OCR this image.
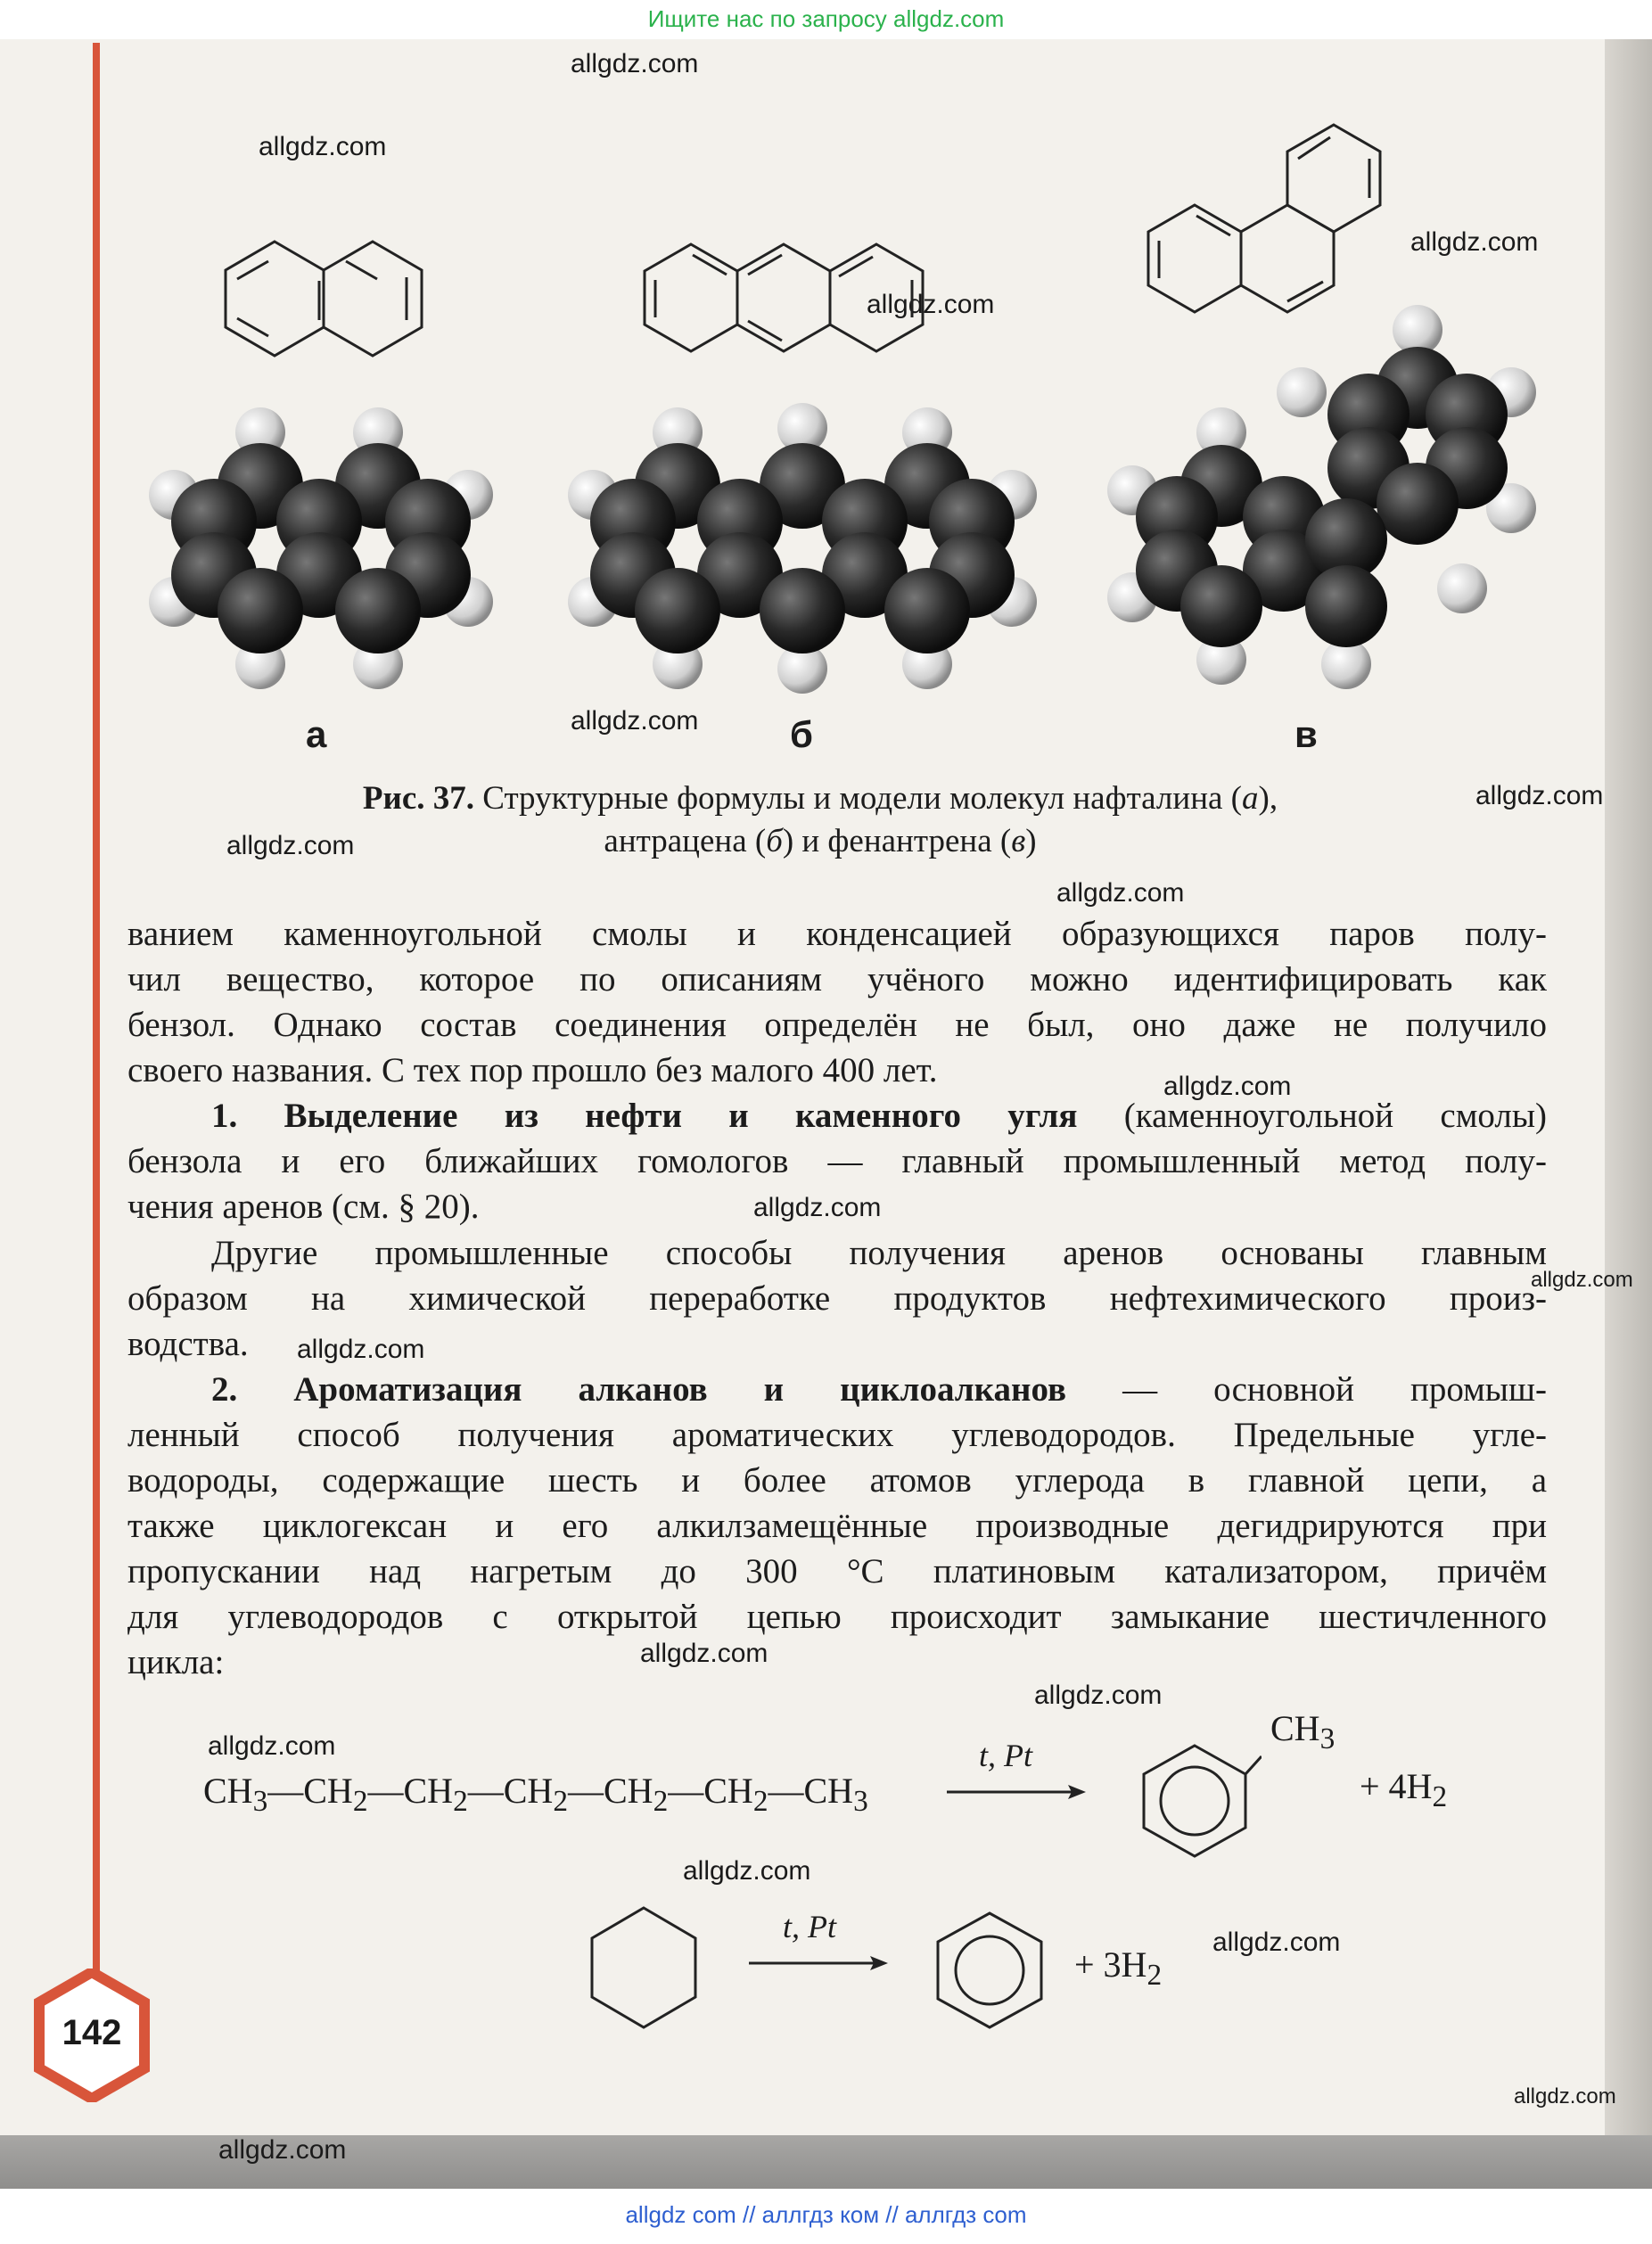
Ищите нас по запросу allgdz.com
allgdz com // аллгдз ком // аллгдз com
142
allgdz.com
allgdz.com
allgdz.com
allgdz.com
allgdz.com
allgdz.com
allgdz.com
allgdz.com
allgdz.com
allgdz.com
allgdz.com
allgdz.com
allgdz.com
allgdz.com
allgdz.com
allgdz.com
allgdz.com
allgdz.com
allgdz.com
а	б	в
Рис. 37. Структурные формулы и модели молекул нафталина (а),
антрацена (б) и фенантрена (в)
ванием каменноугольной смолы и конденсацией образующихся паров полу-
чил вещество, которое по описаниям учёного можно идентифицировать как
бензол. Однако состав соединения определён не был, оно даже не получило
своего названия. С тех пор прошло без малого 400 лет.
1. Выделение из нефти и каменного угля (каменноугольной смолы)
бензола и его ближайших гомологов — главный промышленный метод полу-
чения аренов (см. § 20).
Другие промышленные способы получения аренов основаны главным
образом на химической переработке продуктов нефтехимического произ-
водства.
2. Ароматизация алканов и циклоалканов — основной промыш-
ленный способ получения ароматических углеводородов. Предельные угле-
водороды, содержащие шесть и более атомов углерода в главной цепи, а
также циклогексан и его алкилзамещённые производные дегидрируются при
пропускании над нагретым до 300 °С платиновым катализатором, причём
для углеводородов с открытой цепью происходит замыкание шестичленного
цикла:
$CH_3—CH_2—CH_2—CH_2—CH_2—CH_2—CH_3$
t, Pt
$CH_3$
+ $4H_2$
t, Pt
+ $3H_2$
